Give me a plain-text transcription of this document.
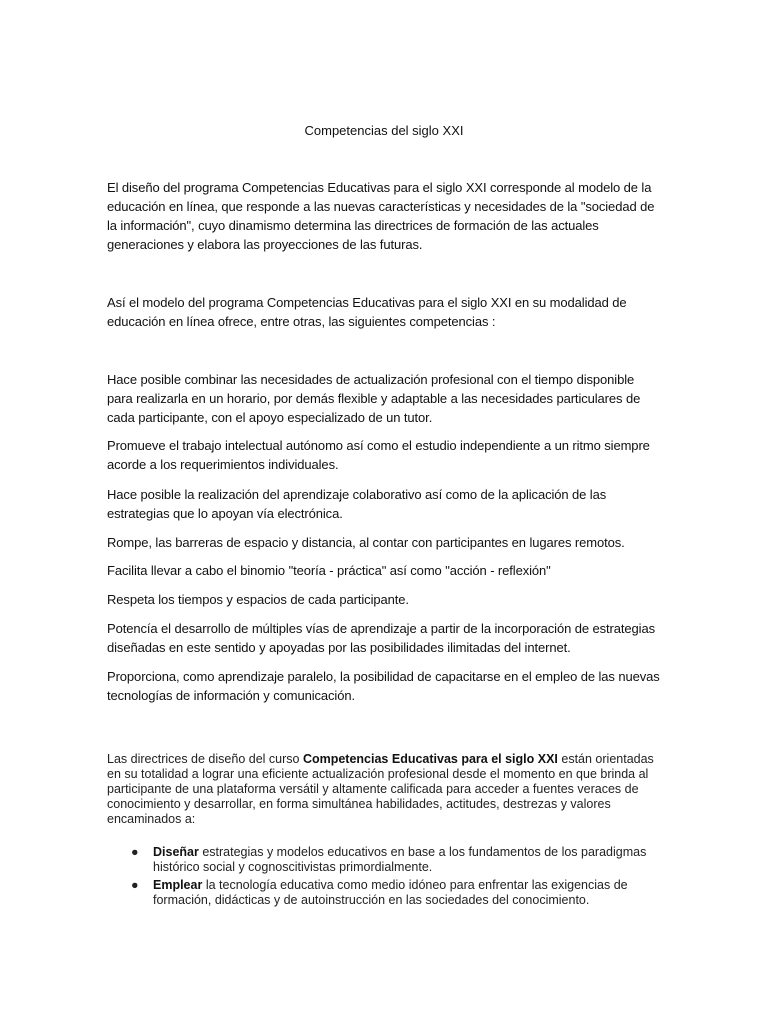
Competencias del siglo XXI

El diseño del programa Competencias Educativas para el siglo XXI corresponde al modelo de la educación en línea, que responde a las nuevas características y necesidades de la "sociedad de la información", cuyo dinamismo determina las directrices de formación de las actuales generaciones y elabora las proyecciones de las futuras.

Así el modelo del programa Competencias Educativas para el siglo XXI en su modalidad de educación en línea ofrece, entre otras, las siguientes competencias :

Hace posible combinar las necesidades de actualización profesional con el tiempo disponible para realizarla en un horario, por demás flexible y adaptable a las necesidades particulares de cada participante, con el apoyo especializado de un tutor.

Promueve el trabajo intelectual autónomo así como el estudio independiente a un ritmo siempre acorde a los requerimientos individuales.

Hace posible la realización del aprendizaje colaborativo así como de la aplicación de las estrategias que lo apoyan vía electrónica.

Rompe, las barreras de espacio y distancia, al contar con participantes en lugares remotos.

Facilita llevar a cabo el binomio "teoría - práctica" así como "acción - reflexión"

Respeta los tiempos y espacios de cada participante.

Potencía el desarrollo de múltiples vías de aprendizaje a partir de la incorporación de estrategias diseñadas en este sentido y apoyadas por las posibilidades ilimitadas del internet.

Proporciona, como aprendizaje paralelo, la posibilidad de capacitarse en el empleo de las nuevas tecnologías de información y comunicación.

Las directrices de diseño del curso Competencias Educativas para el siglo XXI están orientadas en su totalidad a lograr una eficiente actualización profesional desde el momento en que brinda al participante de una plataforma versátil y altamente calificada para acceder a fuentes veraces de conocimiento y desarrollar, en forma simultánea habilidades, actitudes, destrezas y valores encaminados a:

● Diseñar estrategias y modelos educativos en base a los fundamentos de los paradigmas histórico social y cognoscitivistas primordialmente.
● Emplear la tecnología educativa como medio idóneo para enfrentar las exigencias de formación, didácticas y de autoinstrucción en las sociedades del conocimiento.
